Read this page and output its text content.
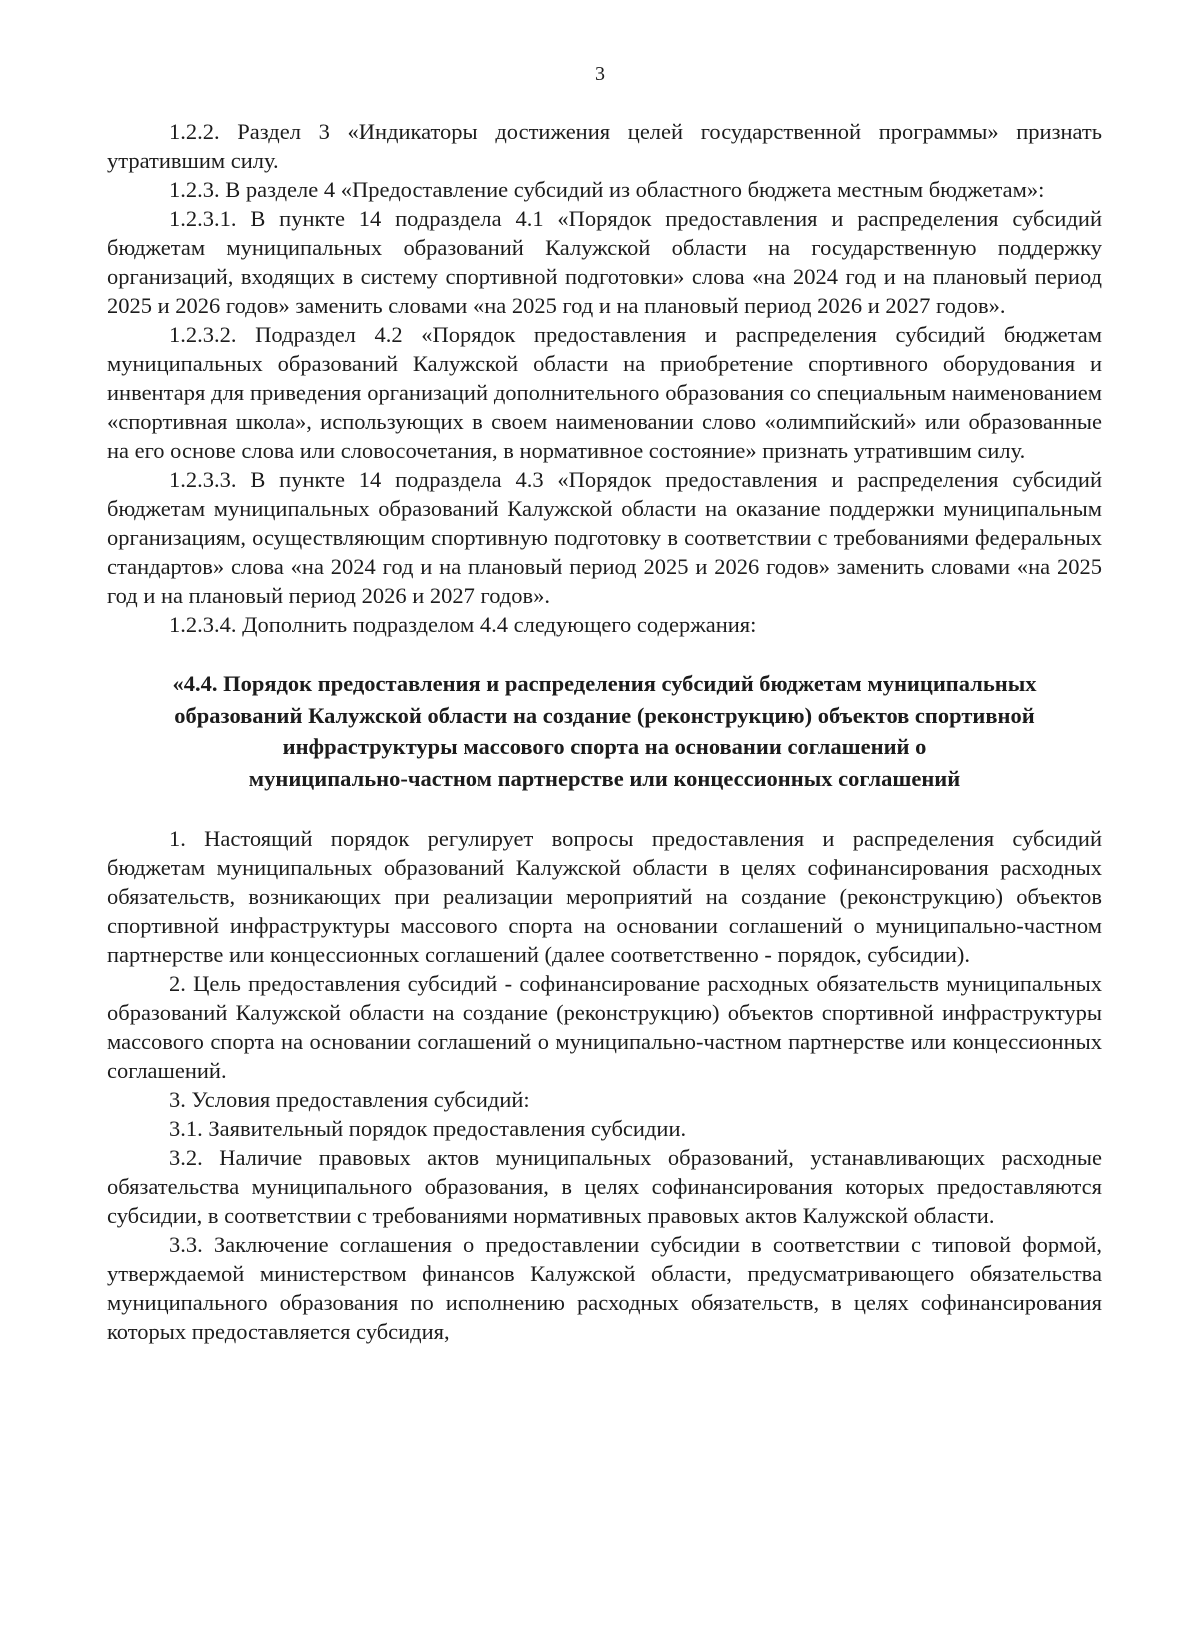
3

1.2.2. Раздел 3 «Индикаторы достижения целей государственной программы» признать утратившим силу.

1.2.3. В разделе 4 «Предоставление субсидий из областного бюджета местным бюджетам»:

1.2.3.1. В пункте 14 подраздела 4.1 «Порядок предоставления и распределения субсидий бюджетам муниципальных образований Калужской области на государственную поддержку организаций, входящих в систему спортивной подготовки» слова «на 2024 год и на плановый период 2025 и 2026 годов» заменить словами «на 2025 год и на плановый период 2026 и 2027 годов».

1.2.3.2. Подраздел 4.2 «Порядок предоставления и распределения субсидий бюджетам муниципальных образований Калужской области на приобретение спортивного оборудования и инвентаря для приведения организаций дополнительного образования со специальным наименованием «спортивная школа», использующих в своем наименовании слово «олимпийский» или образованные на его основе слова или словосочетания, в нормативное состояние» признать утратившим силу.

1.2.3.3. В пункте 14 подраздела 4.3 «Порядок предоставления и распределения субсидий бюджетам муниципальных образований Калужской области на оказание поддержки муниципальным организациям, осуществляющим спортивную подготовку в соответствии с требованиями федеральных стандартов» слова «на 2024 год и на плановый период 2025 и 2026 годов» заменить словами «на 2025 год и на плановый период 2026 и 2027 годов».

1.2.3.4. Дополнить подразделом 4.4 следующего содержания:

«4.4. Порядок предоставления и распределения субсидий бюджетам муниципальных
образований Калужской области на создание (реконструкцию) объектов спортивной
инфраструктуры массового спорта на основании соглашений о
муниципально-частном партнерстве или концессионных соглашений

1. Настоящий порядок регулирует вопросы предоставления и распределения субсидий бюджетам муниципальных образований Калужской области в целях софинансирования расходных обязательств, возникающих при реализации мероприятий на создание (реконструкцию) объектов спортивной инфраструктуры массового спорта на основании соглашений о муниципально-частном партнерстве или концессионных соглашений (далее соответственно - порядок, субсидии).

2. Цель предоставления субсидий - софинансирование расходных обязательств муниципальных образований Калужской области на создание (реконструкцию) объектов спортивной инфраструктуры массового спорта на основании соглашений о муниципально-частном партнерстве или концессионных соглашений.

3. Условия предоставления субсидий:

3.1. Заявительный порядок предоставления субсидии.

3.2. Наличие правовых актов муниципальных образований, устанавливающих расходные обязательства муниципального образования, в целях софинансирования которых предоставляются субсидии, в соответствии с требованиями нормативных правовых актов Калужской области.

3.3. Заключение соглашения о предоставлении субсидии в соответствии с типовой формой, утверждаемой министерством финансов Калужской области, предусматривающего обязательства муниципального образования по исполнению расходных обязательств, в целях софинансирования которых предоставляется субсидия,
